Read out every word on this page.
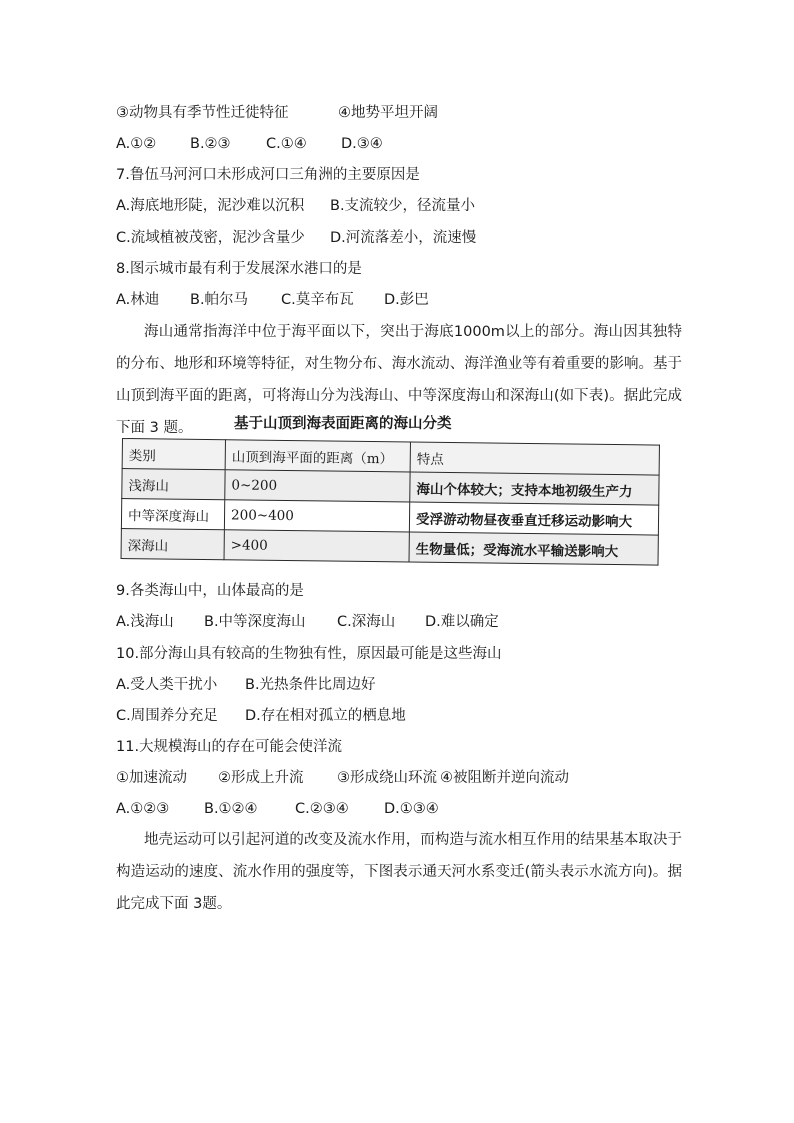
③动物具有季节性迁徙特征	④地势平坦开阔
A.①② B.②③ C.①④ D.③④
7.鲁伍马河河口未形成河口三角洲的主要原因是
A.海底地形陡，泥沙难以沉积 B.支流较少，径流量小
C.流域植被茂密，泥沙含量少 D.河流落差小，流速慢
8.图示城市最有利于发展深水港口的是
A.林迪 B.帕尔马 C.莫辛布瓦 D.彭巴
海山通常指海洋中位于海平面以下，突出于海底1000m以上的部分。海山因其独特的分布、地形和环境等特征，对生物分布、海水流动、海洋渔业等有着重要的影响。基于山顶到海平面的距离，可将海山分为浅海山、中等深度海山和深海山(如下表)。据此完成下面 3 题。	基于山顶到海表面距离的海山分类
类别	山顶到海平面的距离（m）	特点
浅海山	0~200	海山个体较大；支持本地初级生产力
中等深度海山	200~400	受浮游动物昼夜垂直迁移运动影响大
深海山	>400	生物量低；受海流水平输送影响大
9.各类海山中，山体最高的是
A.浅海山 B.中等深度海山 C.深海山 D.难以确定
10.部分海山具有较高的生物独有性，原因最可能是这些海山
A.受人类干扰小 B.光热条件比周边好
C.周围养分充足 D.存在相对孤立的栖息地
11.大规模海山的存在可能会使洋流
①加速流动 ②形成上升流 ③形成绕山环流 ④被阻断并逆向流动
A.①②③ B.①②④	C.②③④ D.①③④
地壳运动可以引起河道的改变及流水作用，而构造与流水相互作用的结果基本取决于构造运动的速度、流水作用的强度等，下图表示通天河水系变迁(箭头表示水流方向)。据此完成下面 3题。
